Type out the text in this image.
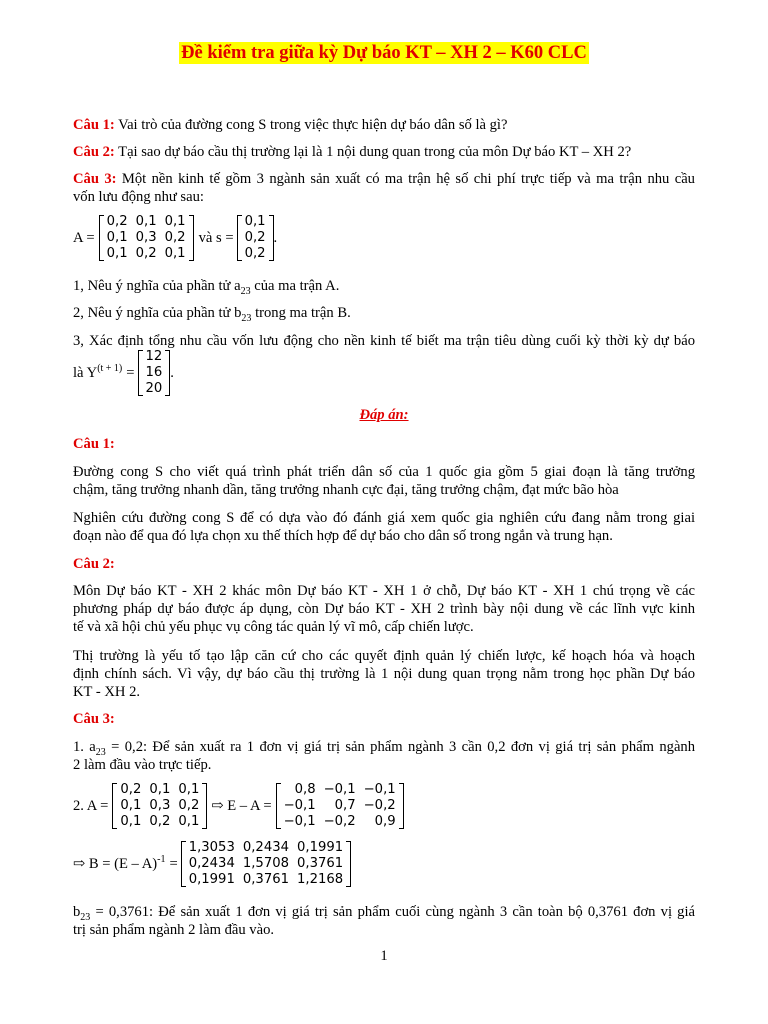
Đề kiểm tra giữa kỳ Dự báo KT – XH 2 – K60 CLC
Câu 1: Vai trò của đường cong S trong việc thực hiện dự báo dân số là gì?
Câu 2: Tại sao dự báo cầu thị trường lại là 1 nội dung quan trong của môn Dự báo KT – XH 2?
Câu 3: Một nền kinh tế gồm 3 ngành sản xuất có ma trận hệ số chi phí trực tiếp và ma trận nhu cầu
vốn lưu động như sau:
A =
0,2	0,1	0,1
0,1	0,3	0,2
0,1	0,2	0,1
và s =
0,1
0,2
0,2
.
1, Nêu ý nghĩa của phần tử $a_{23}$ của ma trận A.
2, Nêu ý nghĩa của phần tử $b_{23}$ trong ma trận B.
3, Xác định tổng nhu cầu vốn lưu động cho nền kinh tế biết ma trận tiêu dùng cuối kỳ thời kỳ dự báo
là $Y^{(t + 1)}$ =
12
16
20
.
Đáp án:
Câu 1:
Đường cong S cho viết quá trình phát triển dân số của 1 quốc gia gồm 5 giai đoạn là tăng trưởng
chậm, tăng trưởng nhanh dần, tăng trưởng nhanh cực đại, tăng trưởng chậm, đạt mức bão hòa
Nghiên cứu đường cong S để có dựa vào đó đánh giá xem quốc gia nghiên cứu đang nằm trong giai
đoạn nào để qua đó lựa chọn xu thế thích hợp để dự báo cho dân số trong ngắn và trung hạn.
Câu 2:
Môn Dự báo KT - XH 2 khác môn Dự báo KT - XH 1 ở chỗ, Dự báo KT - XH 1 chú trọng về các
phương pháp dự báo được áp dụng, còn Dự báo KT - XH 2 trình bày nội dung về các lĩnh vực kinh
tế và xã hội chủ yếu phục vụ công tác quản lý vĩ mô, cấp chiến lược.
Thị trường là yếu tố tạo lập căn cứ cho các quyết định quản lý chiến lược, kế hoạch hóa và hoạch
định chính sách. Vì vậy, dự báo cầu thị trường là 1 nội dung quan trọng nằm trong học phần Dự báo
KT - XH 2.
Câu 3:
1. $a_{23} = 0,2$: Để sản xuất ra 1 đơn vị giá trị sản phẩm ngành 3 cần 0,2 đơn vị giá trị sản phẩm ngành
2 làm đầu vào trực tiếp.
2. A =
0,2	0,1	0,1
0,1	0,3	0,2
0,1	0,2	0,1
⇨ E – A =
0,8	−0,1	−0,1
−0,1	0,7	−0,2
−0,1	−0,2	0,9
⇨ B = (E – A)$^{-1}$ =
1,3053	0,2434	0,1991
0,2434	1,5708	0,3761
0,1991	0,3761	1,2168
$b_{23} = 0,3761$: Để sản xuất 1 đơn vị giá trị sản phẩm cuối cùng ngành 3 cần toàn bộ 0,3761 đơn vị giá
trị sản phẩm ngành 2 làm đầu vào.
1
